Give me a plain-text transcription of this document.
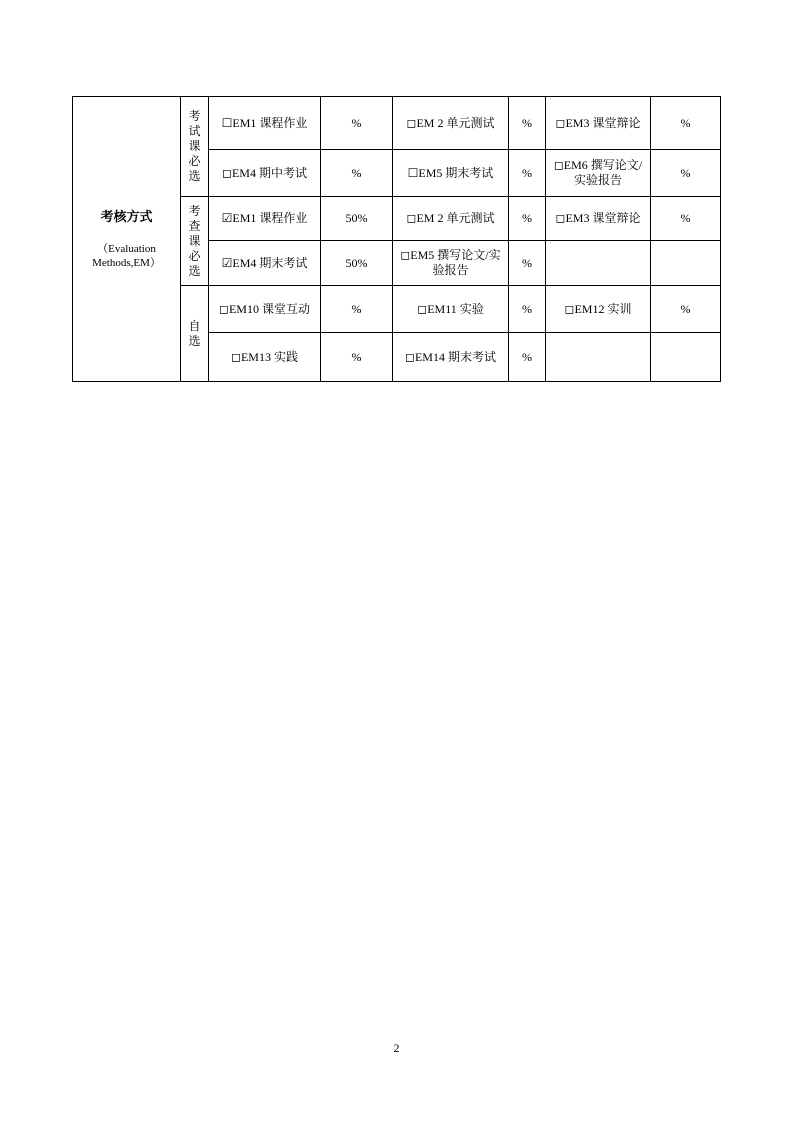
考核方式

（Evaluation
Methods,EM）	考试课必选	☐EM1 课程作业	%	◻EM 2 单元测试	%	◻EM3 课堂辩论	%
		◻EM4 期中考试	%	☐EM5 期末考试	%	◻EM6 撰写论文/
实验报告	%

	考查课必选	☑EM1 课程作业	50%	◻EM 2 单元测试	%	◻EM3 课堂辩论	%
		☑EM4 期末考试	50%	◻EM5 撰写论文/实
验报告	%		

	自选	◻EM10 课堂互动	%	◻EM11 实验	%	◻EM12 实训	%
		◻EM13 实践	%	◻EM14 期末考试	%		
2
